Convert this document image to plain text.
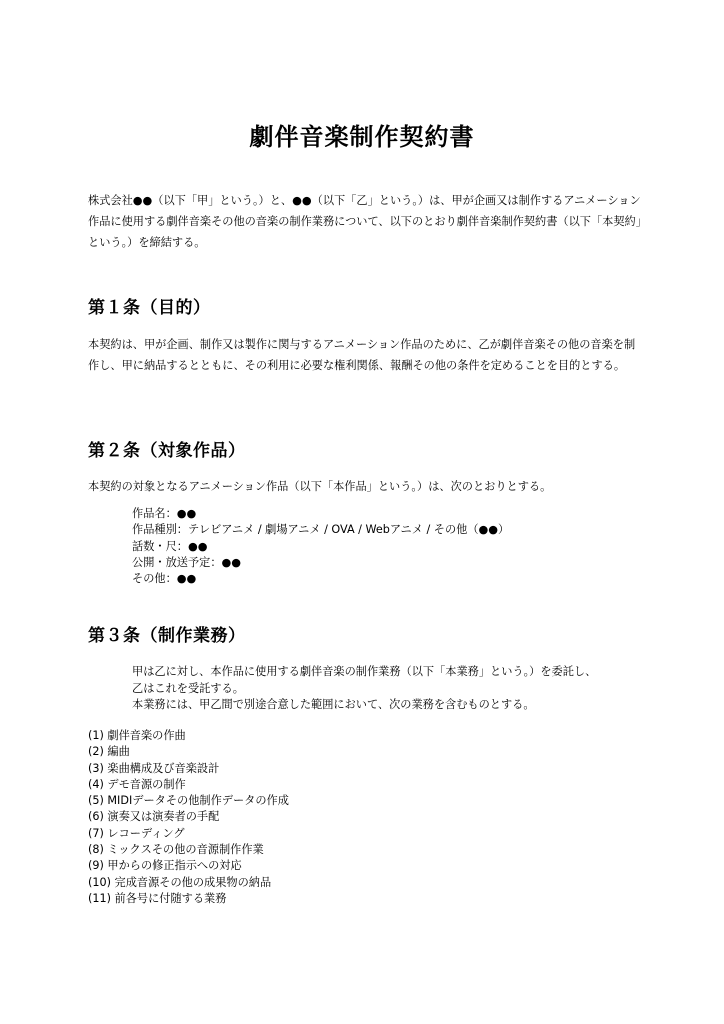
劇伴音楽制作契約書
株式会社●●（以下「甲」という。）と、●●（以下「乙」という。）は、甲が企画又は制作するアニメーション作品に使用する劇伴音楽その他の音楽の制作業務について、以下のとおり劇伴音楽制作契約書（以下「本契約」という。）を締結する。
第１条（目的）
本契約は、甲が企画、制作又は製作に関与するアニメーション作品のために、乙が劇伴音楽その他の音楽を制作し、甲に納品するとともに、その利用に必要な権利関係、報酬その他の条件を定めることを目的とする。
第２条（対象作品）
本契約の対象となるアニメーション作品（以下「本作品」という。）は、次のとおりとする。
作品名：●●
作品種別：テレビアニメ / 劇場アニメ / OVA / Webアニメ / その他（●●）
話数・尺：●●
公開・放送予定：●●
その他：●●
第３条（制作業務）

甲は乙に対し、本作品に使用する劇伴音楽の制作業務（以下「本業務」という。）を委託し、

乙はこれを受託する。

本業務には、甲乙間で別途合意した範囲において、次の業務を含むものとする。

(1) 劇伴音楽の作曲
(2) 編曲
(3) 楽曲構成及び音楽設計
(4) デモ音源の制作
(5) MIDIデータその他制作データの作成
(6) 演奏又は演奏者の手配
(7) レコーディング
(8) ミックスその他の音源制作作業
(9) 甲からの修正指示への対応
(10) 完成音源その他の成果物の納品
(11) 前各号に付随する業務
